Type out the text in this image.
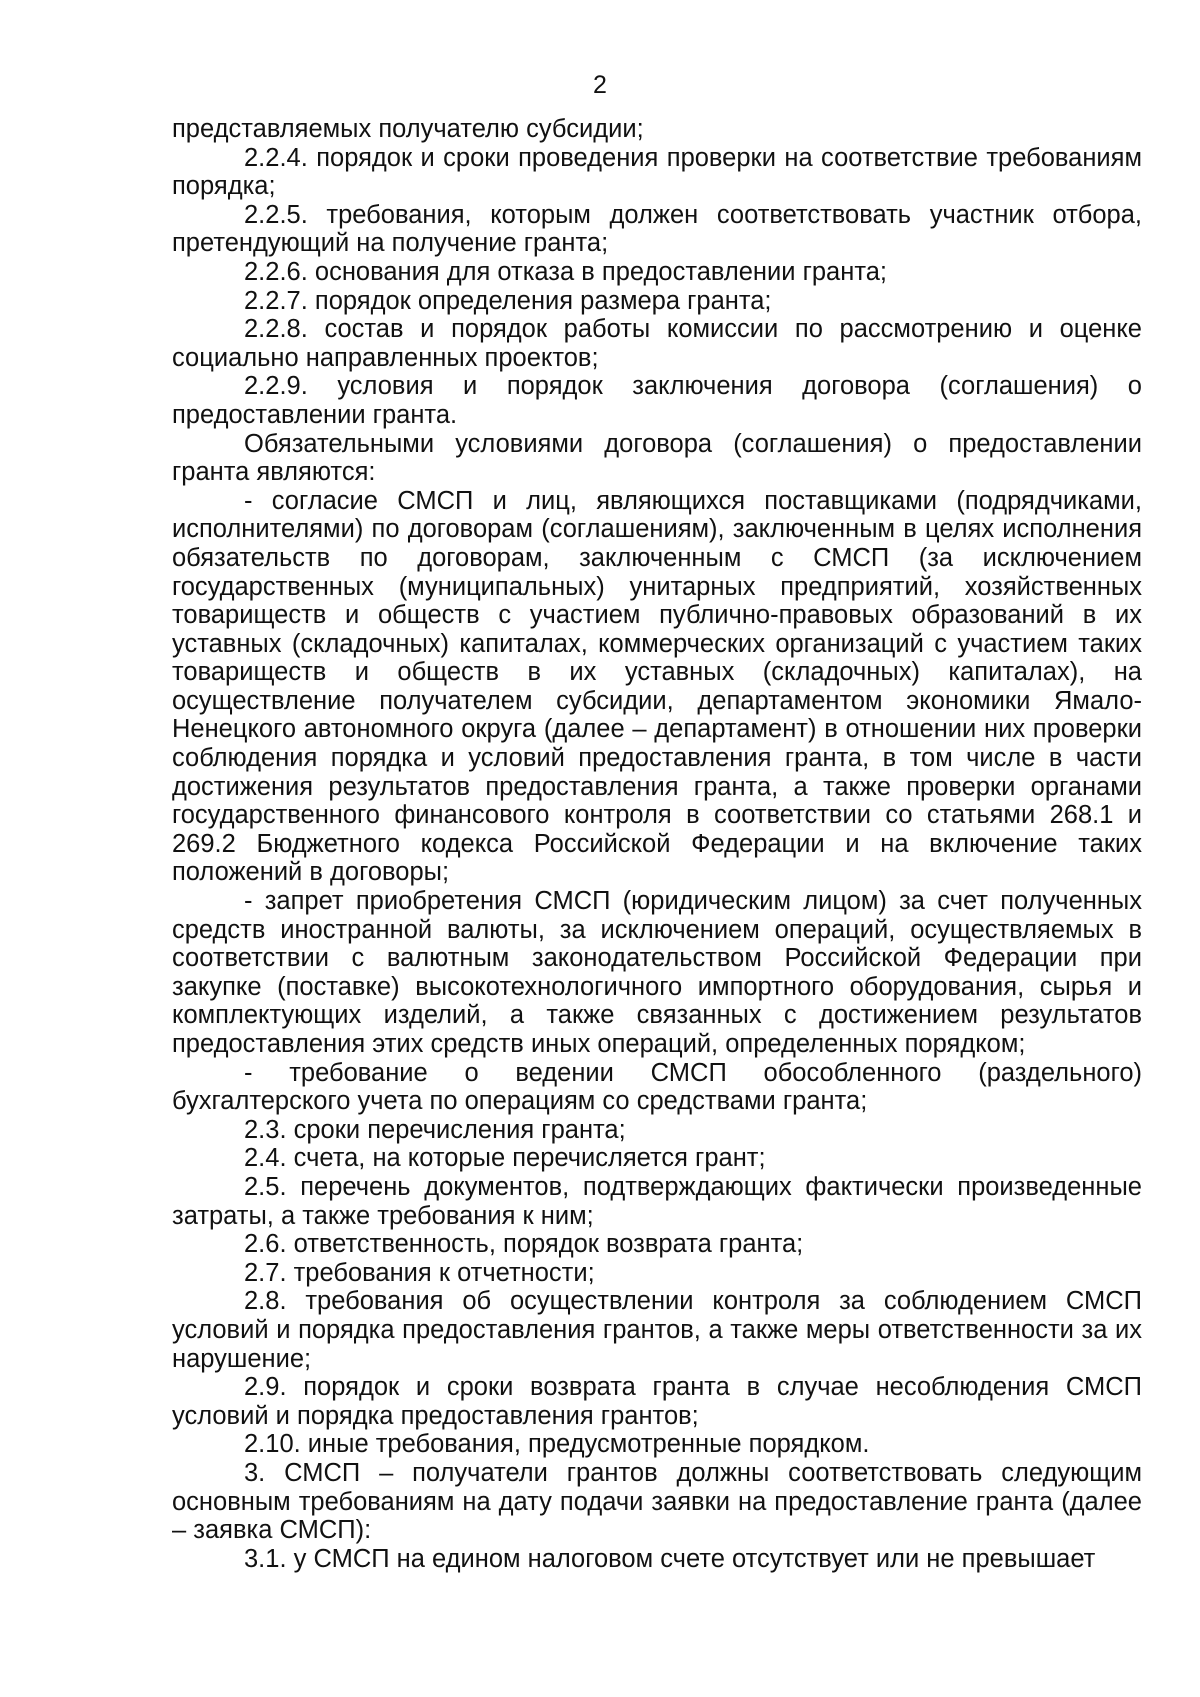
2

представляемых получателю субсидии;

2.2.4. порядок и сроки проведения проверки на соответствие требованиям порядка;

2.2.5. требования, которым должен соответствовать участник отбора, претендующий на получение гранта;

2.2.6. основания для отказа в предоставлении гранта;

2.2.7. порядок определения размера гранта;

2.2.8. состав и порядок работы комиссии по рассмотрению и оценке социально направленных проектов;

2.2.9. условия и порядок заключения договора (соглашения) о предоставлении гранта.

Обязательными условиями договора (соглашения) о предоставлении гранта являются:

- согласие СМСП и лиц, являющихся поставщиками (подрядчиками, исполнителями) по договорам (соглашениям), заключенным в целях исполнения обязательств по договорам, заключенным с СМСП (за исключением государственных (муниципальных) унитарных предприятий, хозяйственных товариществ и обществ с участием публично-правовых образований в их уставных (складочных) капиталах, коммерческих организаций с участием таких товариществ и обществ в их уставных (складочных) капиталах), на осуществление получателем субсидии, департаментом экономики Ямало-Ненецкого автономного округа (далее – департамент) в отношении них проверки соблюдения порядка и условий предоставления гранта, в том числе в части достижения результатов предоставления гранта, а также проверки органами государственного финансового контроля в соответствии со статьями 268.1 и 269.2 Бюджетного кодекса Российской Федерации и на включение таких положений в договоры;

- запрет приобретения СМСП (юридическим лицом) за счет полученных средств иностранной валюты, за исключением операций, осуществляемых в соответствии с валютным законодательством Российской Федерации при закупке (поставке) высокотехнологичного импортного оборудования, сырья и комплектующих изделий, а также связанных с достижением результатов предоставления этих средств иных операций, определенных порядком;

- требование о ведении СМСП обособленного (раздельного) бухгалтерского учета по операциям со средствами гранта;

2.3. сроки перечисления гранта;

2.4. счета, на которые перечисляется грант;

2.5. перечень документов, подтверждающих фактически произведенные затраты, а также требования к ним;

2.6. ответственность, порядок возврата гранта;

2.7. требования к отчетности;

2.8. требования об осуществлении контроля за соблюдением СМСП условий и порядка предоставления грантов, а также меры ответственности за их нарушение;

2.9. порядок и сроки возврата гранта в случае несоблюдения СМСП условий и порядка предоставления грантов;

2.10. иные требования, предусмотренные порядком.

3. СМСП – получатели грантов должны соответствовать следующим основным требованиям на дату подачи заявки на предоставление гранта (далее – заявка СМСП):

3.1. у СМСП на едином налоговом счете отсутствует или не превышает
